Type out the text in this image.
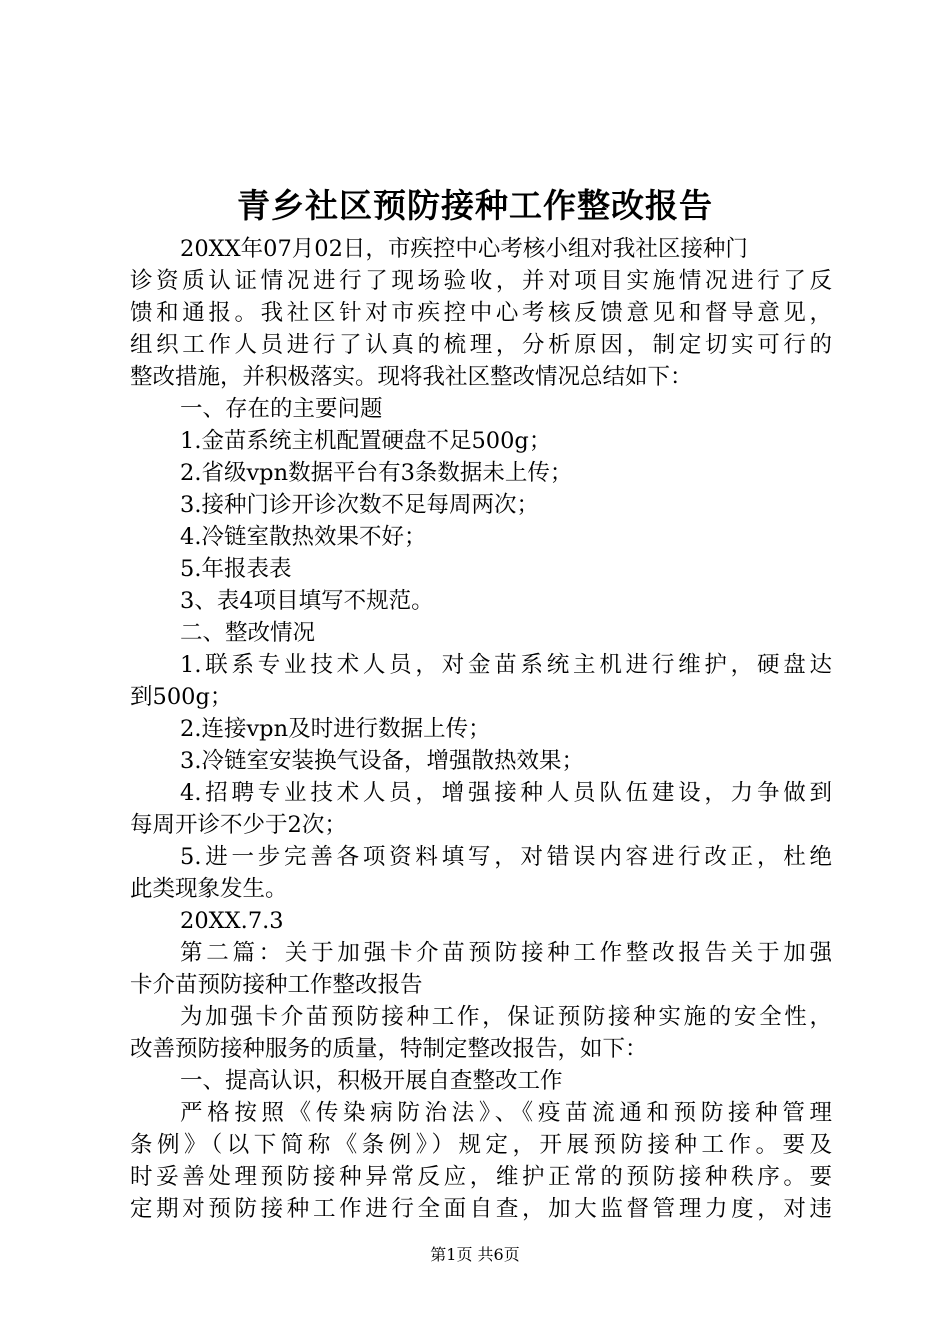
青乡社区预防接种工作整改报告
20XX年07月02日，市疾控中心考核小组对我社区接种门
诊资质认证情况进行了现场验收，并对项目实施情况进行了反
馈和通报。我社区针对市疾控中心考核反馈意见和督导意见，
组织工作人员进行了认真的梳理，分析原因，制定切实可行的
整改措施，并积极落实。现将我社区整改情况总结如下：
一、存在的主要问题
1.金苗系统主机配置硬盘不足500g；
2.省级vpn数据平台有3条数据未上传；
3.接种门诊开诊次数不足每周两次；
4.冷链室散热效果不好；
5.年报表表
3、表4项目填写不规范。
二、整改情况
1.联系专业技术人员，对金苗系统主机进行维护，硬盘达
到500g；
2.连接vpn及时进行数据上传；
3.冷链室安装换气设备，增强散热效果；
4.招聘专业技术人员，增强接种人员队伍建设，力争做到
每周开诊不少于2次；
5.进一步完善各项资料填写，对错误内容进行改正，杜绝
此类现象发生。
20XX.7.3
第二篇：关于加强卡介苗预防接种工作整改报告关于加强
卡介苗预防接种工作整改报告
为加强卡介苗预防接种工作，保证预防接种实施的安全性，
改善预防接种服务的质量，特制定整改报告，如下：
一、提高认识，积极开展自查整改工作
严格按照《传染病防治法》、《疫苗流通和预防接种管理
条例》（以下简称《条例》）规定，开展预防接种工作。要及
时妥善处理预防接种异常反应，维护正常的预防接种秩序。要
定期对预防接种工作进行全面自查，加大监督管理力度，对违
第1页 共6页
